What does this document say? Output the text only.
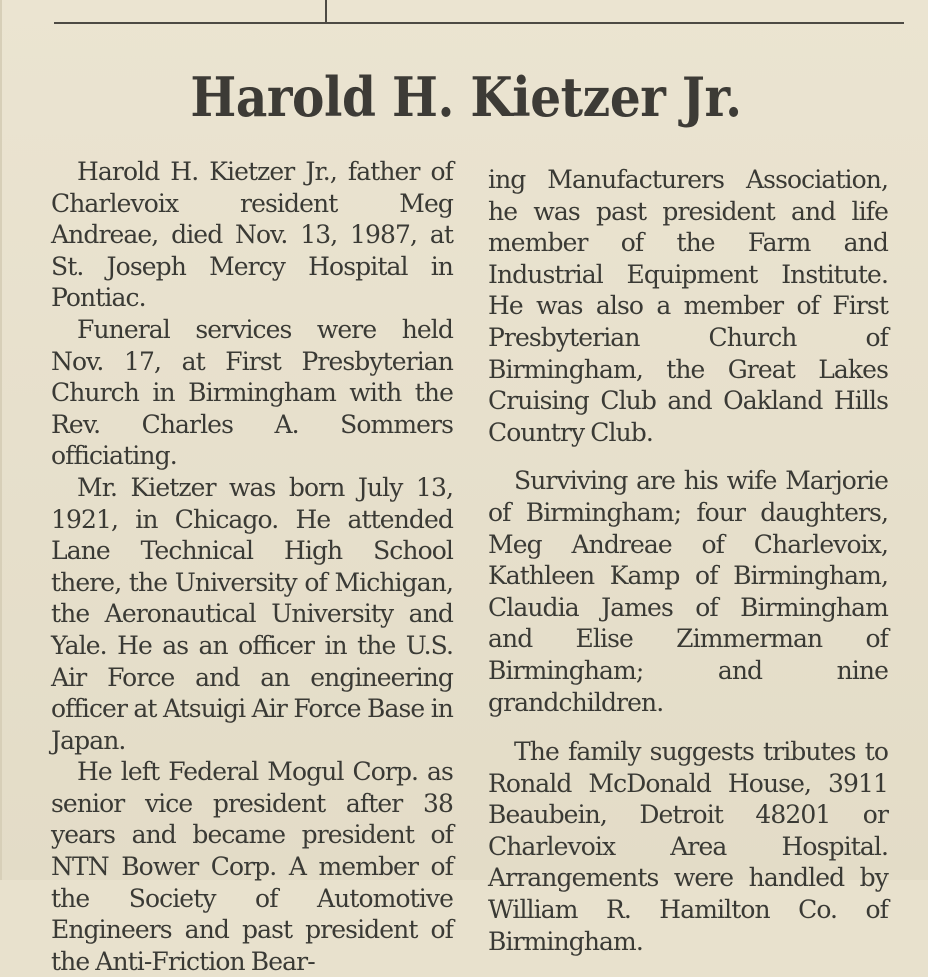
Harold H. Kietzer Jr.

Harold H. Kietzer Jr., father of Charlevoix resident Meg Andreae, died Nov. 13, 1987, at St. Joseph Mercy Hospital in Pontiac.

Funeral services were held Nov. 17, at First Presbyterian Church in Birmingham with the Rev. Charles A. Sommers officiating.

Mr. Kietzer was born July 13, 1921, in Chicago. He attended Lane Technical High School there, the University of Michigan, the Aeronautical University and Yale. He as an officer in the U.S. Air Force and an engineering officer at Atsuigi Air Force Base in Japan.

He left Federal Mogul Corp. as senior vice president after 38 years and became president of NTN Bower Corp. A member of the Society of Automotive Engineers and past president of the Anti-Friction Bear-

ing Manufacturers Association, he was past president and life member of the Farm and Industrial Equipment Institute. He was also a member of First Presbyterian Church of Birmingham, the Great Lakes Cruising Club and Oakland Hills Country Club.

Surviving are his wife Marjorie of Birmingham; four daughters, Meg Andreae of Charlevoix, Kathleen Kamp of Birmingham, Claudia James of Birmingham and Elise Zimmerman of Birmingham; and nine grandchildren.

The family suggests tributes to Ronald McDonald House, 3911 Beaubein, Detroit 48201 or Charlevoix Area Hospital. Arrangements were handled by William R. Hamilton Co. of Birmingham.
